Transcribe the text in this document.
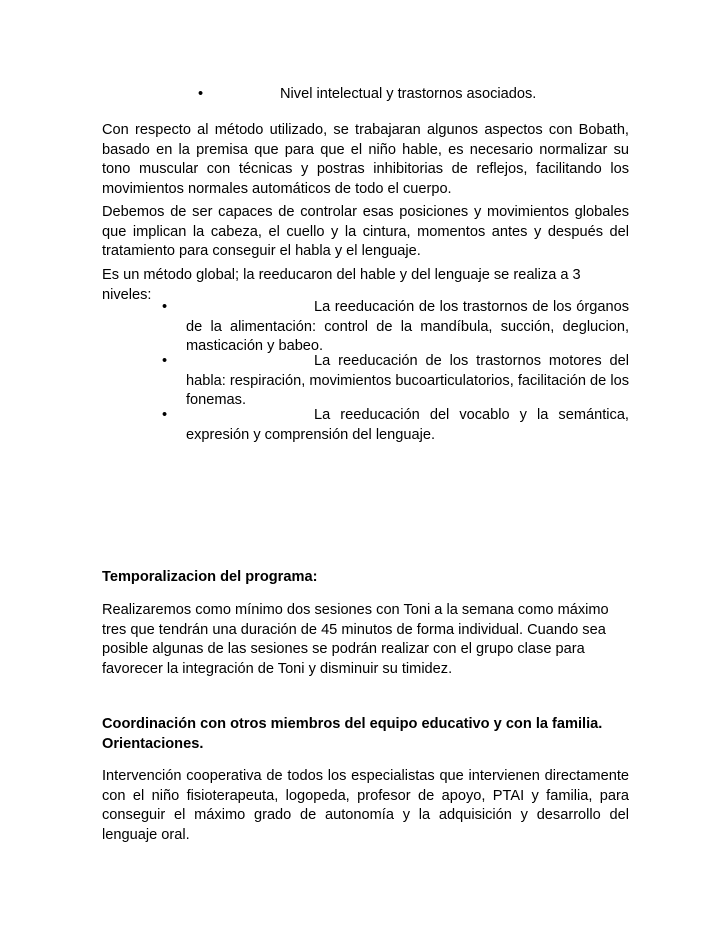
•	Nivel intelectual y trastornos asociados.
Con respecto al método utilizado, se trabajaran algunos aspectos con Bobath, basado en la premisa que para que el niño hable, es necesario normalizar su tono muscular con técnicas y postras inhibitorias de reflejos, facilitando los movimientos normales automáticos de todo el cuerpo.
Debemos de ser capaces de controlar esas posiciones y movimientos globales que implican la cabeza, el cuello y la cintura, momentos antes y después del tratamiento para conseguir el habla y el lenguaje.
Es un método global; la reeducaron del hable y del lenguaje se realiza a 3 niveles:
•	La reeducación de los trastornos de los órganos de la alimentación: control de la mandíbula, succión, deglucion, masticación y babeo.
•	La reeducación de los trastornos motores del habla: respiración, movimientos bucoarticulatorios, facilitación de los fonemas.
•	La reeducación del vocablo y la semántica, expresión y comprensión del lenguaje.
Temporalizacion del programa:
Realizaremos como mínimo dos sesiones con Toni a la semana como máximo tres que tendrán una duración de 45 minutos de forma individual. Cuando sea posible algunas de las sesiones se podrán realizar con el grupo clase para favorecer la integración de Toni y disminuir su timidez.
Coordinación con otros miembros del equipo educativo y con la familia.
Orientaciones.
Intervención cooperativa de todos los especialistas que intervienen directamente con el niño fisioterapeuta, logopeda, profesor de apoyo, PTAI y familia, para conseguir el máximo grado de autonomía y la adquisición y desarrollo del lenguaje oral.
